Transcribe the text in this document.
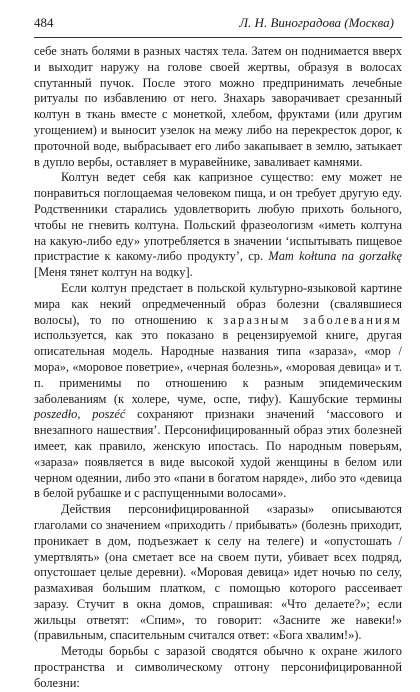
484	Л. Н. Виноградова (Москва)

себе знать болями в разных частях тела. Затем он поднимается вверх и выходит наружу на голове своей жертвы, образуя в волосах спутанный пучок. После этого можно предпринимать лечебные ритуалы по избавлению от него. Знахарь заворачивает срезанный колтун в ткань вместе с монеткой, хлебом, фруктами (или другим угощением) и выносит узелок на межу либо на перекресток дорог, к проточной воде, выбрасывает его либо закапывает в землю, затыкает в дупло вербы, оставляет в муравейнике, заваливает камнями.

Колтун ведет себя как капризное существо: ему может не понравиться поглощаемая человеком пища, и он требует другую еду. Родственники старались удовлетворить любую прихоть больного, чтобы не гневить колтуна. Польский фразеологизм «иметь колтуна на какую-либо еду» употребляется в значении ‘испытывать пищевое пристрастие к какому-либо продукту’, ср. Mam kołtuna na gorzałkę [Меня тянет колтун на водку].

Если колтун предстает в польской культурно-языковой картине мира как некий опредмеченный образ болезни (свалявшиеся волосы), то по отношению к заразным заболеваниям используется, как это показано в рецензируемой книге, другая описательная модель. Народные названия типа «зараза», «мор / мора», «моровое поветрие», «черная болезнь», «моровая девица» и т. п. применимы по отношению к разным эпидемическим заболеваниям (к холере, чуме, оспе, тифу). Кашубские термины poszedło, poszéć сохраняют признаки значений ‘массового и внезапного нашествия’. Персонифицированный образ этих болезней имеет, как правило, женскую ипостась. По народным поверьям, «зараза» появляется в виде высокой худой женщины в белом или черном одеянии, либо это «пани в богатом наряде», либо это «девица в белой рубашке и с распущенными волосами».

Действия персонифицированной «заразы» описываются глаголами со значением «приходить / прибывать» (болезнь приходит, проникает в дом, подъезжает к селу на телеге) и «опустошать / умертвлять» (она сметает все на своем пути, убивает всех подряд, опустошает целые деревни). «Моровая девица» идет ночью по селу, размахивая большим платком, с помощью которого рассеивает заразу. Стучит в окна домов, спрашивая: «Что делаете?»; если жильцы ответят: «Спим», то говорит: «Засните же навеки!» (правильным, спасительным считался ответ: «Бога хвалим!»).

Методы борьбы с заразой сводятся обычно к охране жилого пространства и символическому отгону персонифицированной болезни:
